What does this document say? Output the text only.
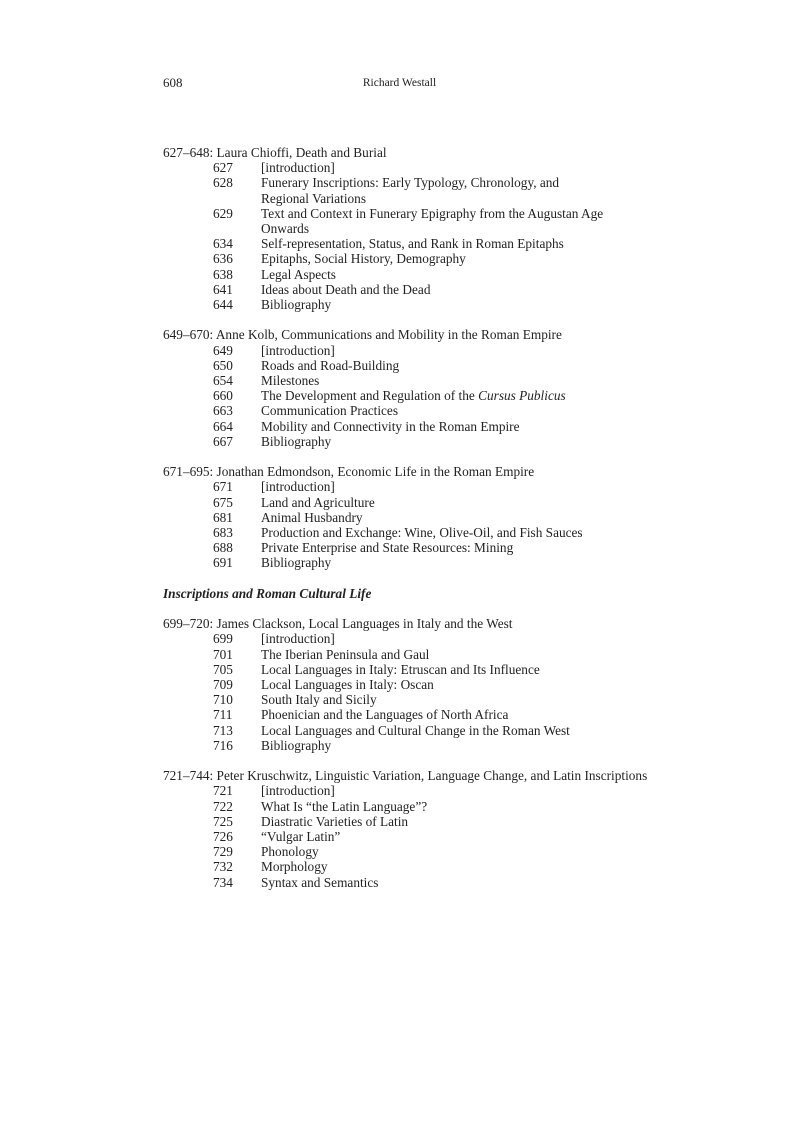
608	Richard Westall
627–648: Laura Chioffi, Death and Burial
627	[introduction]
628	Funerary Inscriptions: Early Typology, Chronology, and Regional Variations
629	Text and Context in Funerary Epigraphy from the Augustan Age Onwards
634	Self-representation, Status, and Rank in Roman Epitaphs
636	Epitaphs, Social History, Demography
638	Legal Aspects
641	Ideas about Death and the Dead
644	Bibliography
649–670: Anne Kolb, Communications and Mobility in the Roman Empire
649	[introduction]
650	Roads and Road-Building
654	Milestones
660	The Development and Regulation of the Cursus Publicus
663	Communication Practices
664	Mobility and Connectivity in the Roman Empire
667	Bibliography
671–695: Jonathan Edmondson, Economic Life in the Roman Empire
671	[introduction]
675	Land and Agriculture
681	Animal Husbandry
683	Production and Exchange: Wine, Olive-Oil, and Fish Sauces
688	Private Enterprise and State Resources: Mining
691	Bibliography
Inscriptions and Roman Cultural Life
699–720: James Clackson, Local Languages in Italy and the West
699	[introduction]
701	The Iberian Peninsula and Gaul
705	Local Languages in Italy: Etruscan and Its Influence
709	Local Languages in Italy: Oscan
710	South Italy and Sicily
711	Phoenician and the Languages of North Africa
713	Local Languages and Cultural Change in the Roman West
716	Bibliography
721–744: Peter Kruschwitz, Linguistic Variation, Language Change, and Latin Inscriptions
721	[introduction]
722	What Is “the Latin Language”?
725	Diastratic Varieties of Latin
726	“Vulgar Latin”
729	Phonology
732	Morphology
734	Syntax and Semantics
